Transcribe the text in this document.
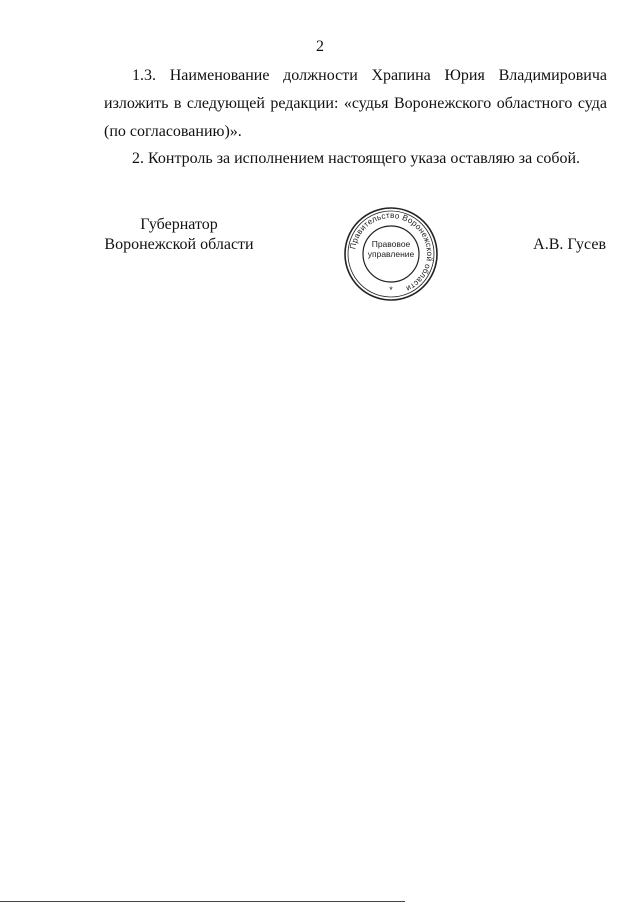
2

1.3. Наименование должности Храпина Юрия Владимировича изложить в следующей редакции: «судья Воронежского областного суда (по согласованию)».

2. Контроль за исполнением настоящего указа оставляю за собой.

Губернатор
Воронежской области	Правительство Воронежской области
*
Правовое
управление
А.В. Гусев
